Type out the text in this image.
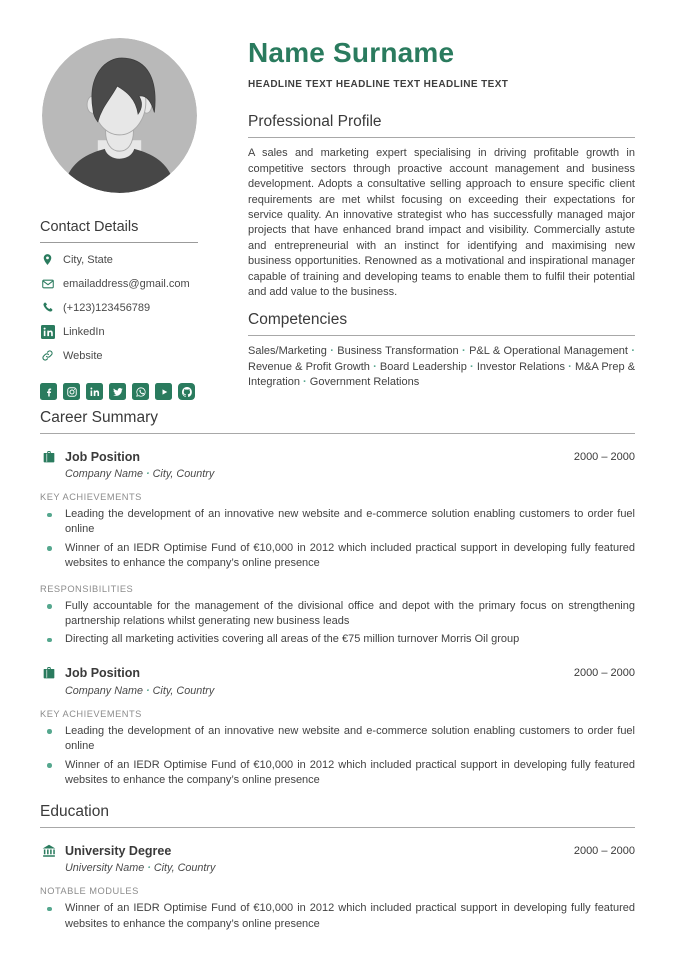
Contact Details
City, State
emailaddress@gmail.com
(+123)123456789
LinkedIn
Website
Name Surname
HEADLINE TEXT HEADLINE TEXT HEADLINE TEXT
Professional Profile

A sales and marketing expert specialising in driving profitable growth in competitive sectors through proactive account management and business development. Adopts a consultative selling approach to ensure specific client requirements are met whilst focusing on exceeding their expectations for service quality. An innovative strategist who has successfully managed major projects that have enhanced brand impact and visibility. Commercially astute and entrepreneurial with an instinct for identifying and maximising new business opportunities. Renowned as a motivational and inspirational manager capable of training and developing teams to enable them to fulfil their potential and add value to the business.

Competencies

Sales/Marketing · Business Transformation · P&L & Operational Management · Revenue & Profit Growth · Board Leadership · Investor Relations · M&A Prep & Integration · Government Relations

Career Summary
Job Position	2000 – 2000
Company Name · City, Country
KEY ACHIEVEMENTS
Leading the development of an innovative new website and e-commerce solution enabling customers to order fuel online
Winner of an IEDR Optimise Fund of €10,000 in 2012 which included practical support in developing fully featured websites to enhance the company’s online presence
RESPONSIBILITIES
Fully accountable for the management of the divisional office and depot with the primary focus on strengthening partnership relations whilst generating new business leads
Directing all marketing activities covering all areas of the €75 million turnover Morris Oil group
Job Position	2000 – 2000
Company Name · City, Country
KEY ACHIEVEMENTS
Leading the development of an innovative new website and e-commerce solution enabling customers to order fuel online
Winner of an IEDR Optimise Fund of €10,000 in 2012 which included practical support in developing fully featured websites to enhance the company’s online presence
Education
University Degree	2000 – 2000
University Name · City, Country
NOTABLE MODULES
Winner of an IEDR Optimise Fund of €10,000 in 2012 which included practical support in developing fully featured websites to enhance the company’s online presence
